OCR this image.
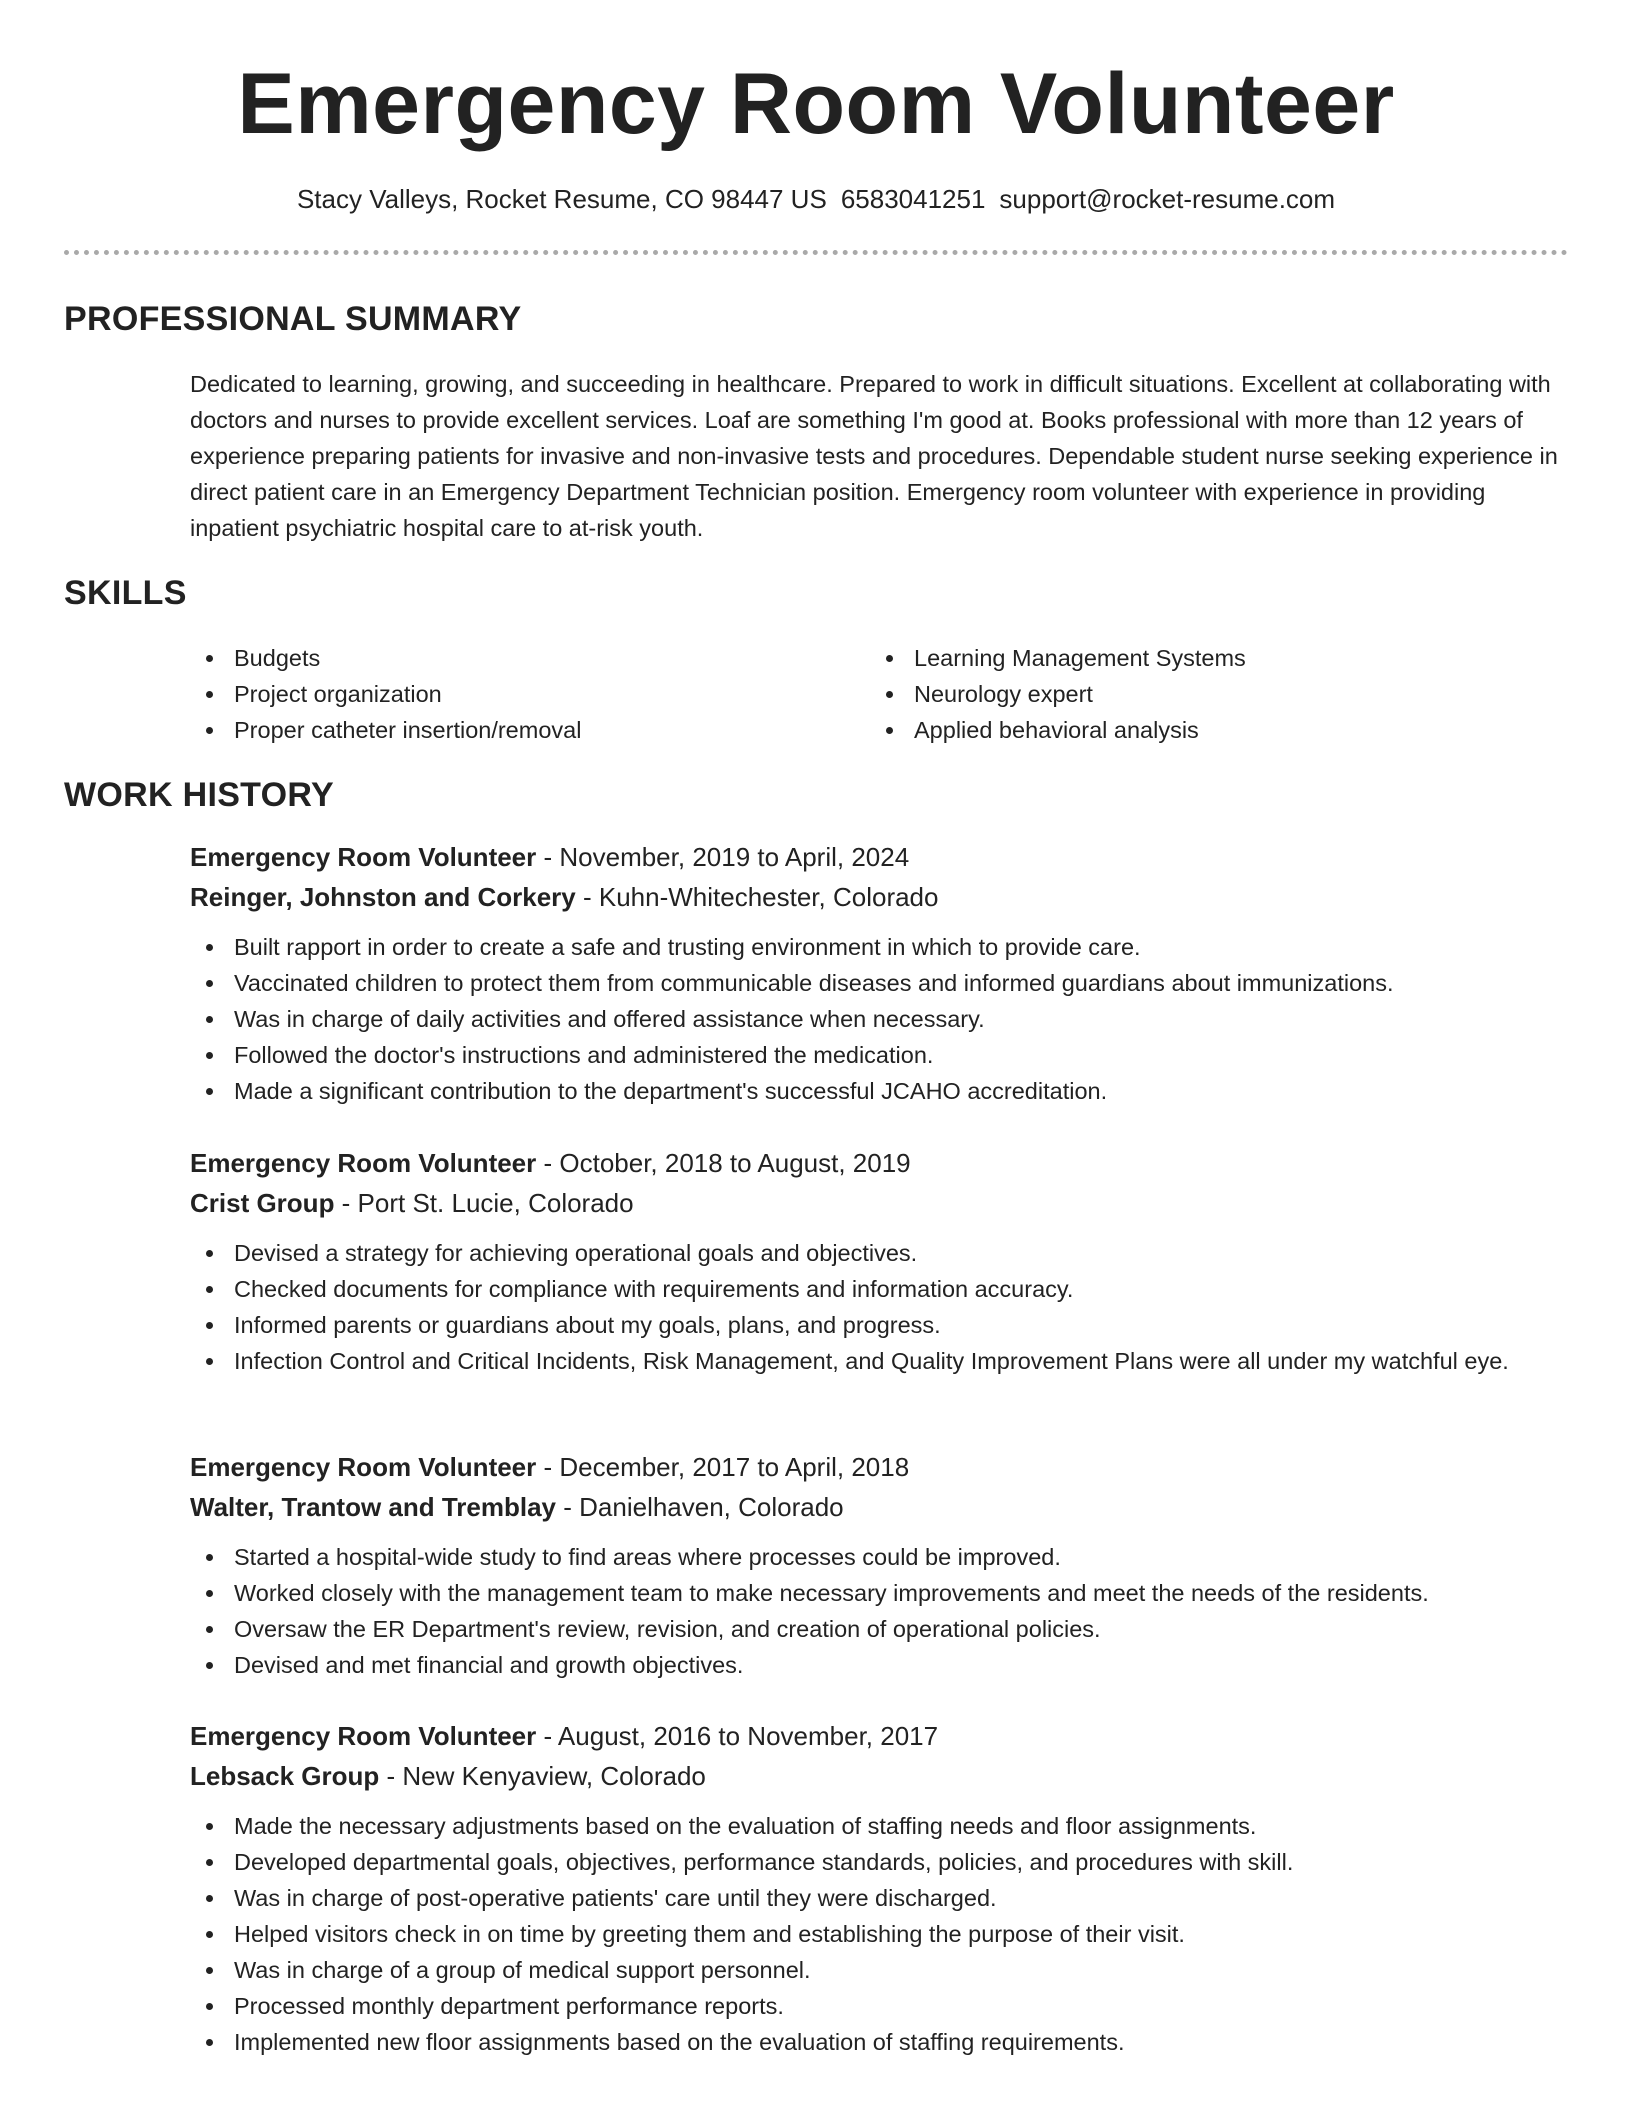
Emergency Room Volunteer
Stacy Valleys, Rocket Resume, CO 98447 US 6583041251 support@rocket-resume.com
PROFESSIONAL SUMMARY

Dedicated to learning, growing, and succeeding in healthcare. Prepared to work in difficult situations. Excellent at collaborating with doctors and nurses to provide excellent services. Loaf are something I'm good at. Books professional with more than 12 years of experience preparing patients for invasive and non-invasive tests and procedures. Dependable student nurse seeking experience in direct patient care in an Emergency Department Technician position. Emergency room volunteer with experience in providing inpatient psychiatric hospital care to at-risk youth.

SKILLS
Budgets
Project organization
Proper catheter insertion/removal
Learning Management Systems
Neurology expert
Applied behavioral analysis
WORK HISTORY

Emergency Room Volunteer - November, 2019 to April, 2024

Reinger, Johnston and Corkery - Kuhn-Whitechester, Colorado

Built rapport in order to create a safe and trusting environment in which to provide care.
Vaccinated children to protect them from communicable diseases and informed guardians about immunizations.
Was in charge of daily activities and offered assistance when necessary.
Followed the doctor's instructions and administered the medication.
Made a significant contribution to the department's successful JCAHO accreditation.

Emergency Room Volunteer - October, 2018 to August, 2019

Crist Group - Port St. Lucie, Colorado

Devised a strategy for achieving operational goals and objectives.
Checked documents for compliance with requirements and information accuracy.
Informed parents or guardians about my goals, plans, and progress.
Infection Control and Critical Incidents, Risk Management, and Quality Improvement Plans were all under my watchful eye.

Emergency Room Volunteer - December, 2017 to April, 2018

Walter, Trantow and Tremblay - Danielhaven, Colorado

Started a hospital-wide study to find areas where processes could be improved.
Worked closely with the management team to make necessary improvements and meet the needs of the residents.
Oversaw the ER Department's review, revision, and creation of operational policies.
Devised and met financial and growth objectives.

Emergency Room Volunteer - August, 2016 to November, 2017

Lebsack Group - New Kenyaview, Colorado

Made the necessary adjustments based on the evaluation of staffing needs and floor assignments.
Developed departmental goals, objectives, performance standards, policies, and procedures with skill.
Was in charge of post-operative patients' care until they were discharged.
Helped visitors check in on time by greeting them and establishing the purpose of their visit.
Was in charge of a group of medical support personnel.
Processed monthly department performance reports.
Implemented new floor assignments based on the evaluation of staffing requirements.
